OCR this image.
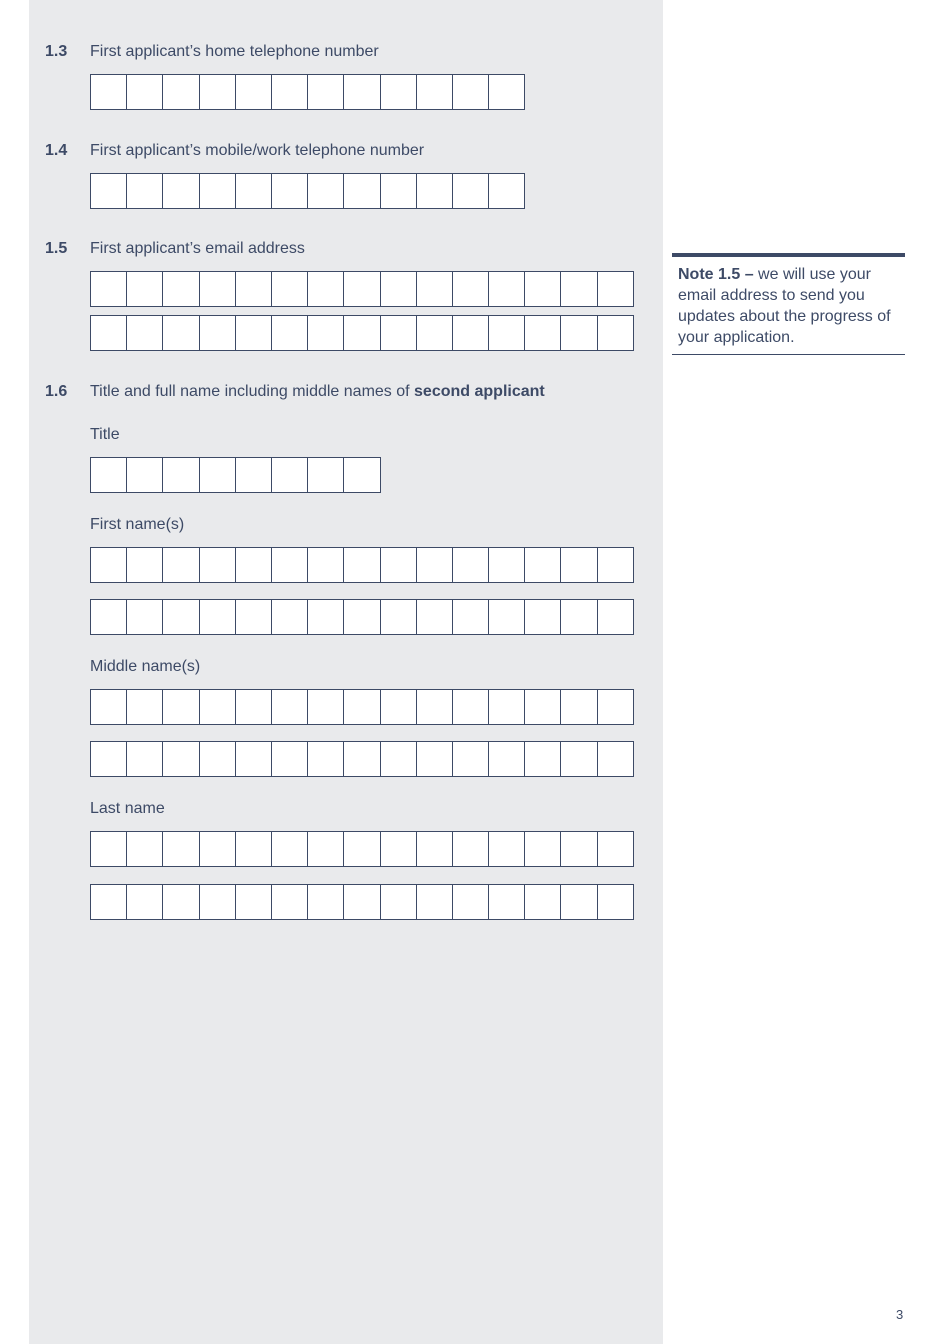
1.3 First applicant’s home telephone number
1.4 First applicant’s mobile/work telephone number
1.5 First applicant’s email address
Note 1.5 – we will use your email address to send you updates about the progress of your application.
1.6 Title and full name including middle names of second applicant
Title
First name(s)
Middle name(s)
Last name
3
